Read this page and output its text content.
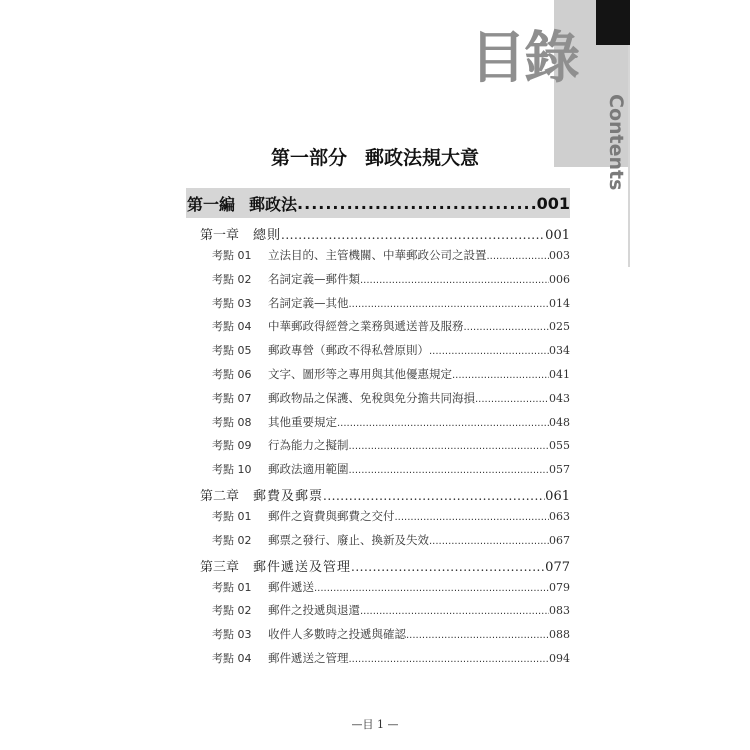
目錄
Contents
第一部分 郵政法規大意
第一編 郵政法 .....	001
第一章 總則 .....	001
考點 01 立法目的、主管機關、中華郵政公司之設置 .....	003
考點 02 名詞定義—郵件類 .....	006
考點 03 名詞定義—其他 .....	014
考點 04 中華郵政得經營之業務與遞送普及服務 .....	025
考點 05 郵政專營（郵政不得私營原則） .....	034
考點 06 文字、圖形等之專用與其他優惠規定 .....	041
考點 07 郵政物品之保護、免稅與免分擔共同海損 .....	043
考點 08 其他重要規定 .....	048
考點 09 行為能力之擬制 .....	055
考點 10 郵政法適用範圍 .....	057
第二章 郵費及郵票 .....	061
考點 01 郵件之資費與郵費之交付 .....	063
考點 02 郵票之發行、廢止、換新及失效 .....	067
第三章 郵件遞送及管理 .....	077
考點 01 郵件遞送 .....	079
考點 02 郵件之投遞與退還 .....	083
考點 03 收件人多數時之投遞與確認 .....	088
考點 04 郵件遞送之管理 .....	094
—目 1 —
